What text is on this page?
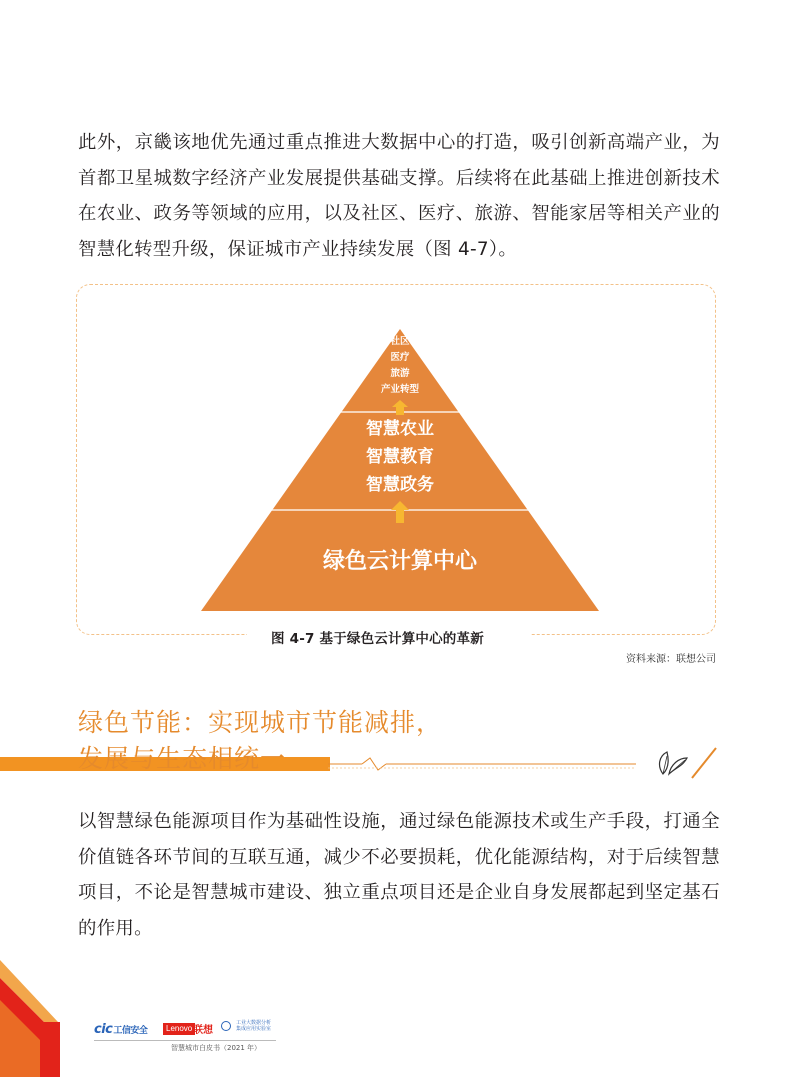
此外，京畿该地优先通过重点推进大数据中心的打造，吸引创新高端产业，为首都卫星城数字经济产业发展提供基础支撑。后续将在此基础上推进创新技术在农业、政务等领域的应用，以及社区、医疗、旅游、智能家居等相关产业的智慧化转型升级，保证城市产业持续发展（图 4-7）。

社区
医疗
旅游
产业转型
智慧农业
智慧教育
智慧政务
绿色云计算中心
图 4-7 基于绿色云计算中心的革新
资料来源：联想公司
绿色节能：实现城市节能减排，
发展与生态相统一

以智慧绿色能源项目作为基础性设施，通过绿色能源技术或生产手段，打通全价值链各环节间的互联互通，减少不必要损耗，优化能源结构，对于后续智慧项目，不论是智慧城市建设、独立重点项目还是企业自身发展都起到坚定基石的作用。

40
cic工信安全	Lenovo 联想
工业大数据分析
集成应用实验室
智慧城市白皮书（2021 年）
